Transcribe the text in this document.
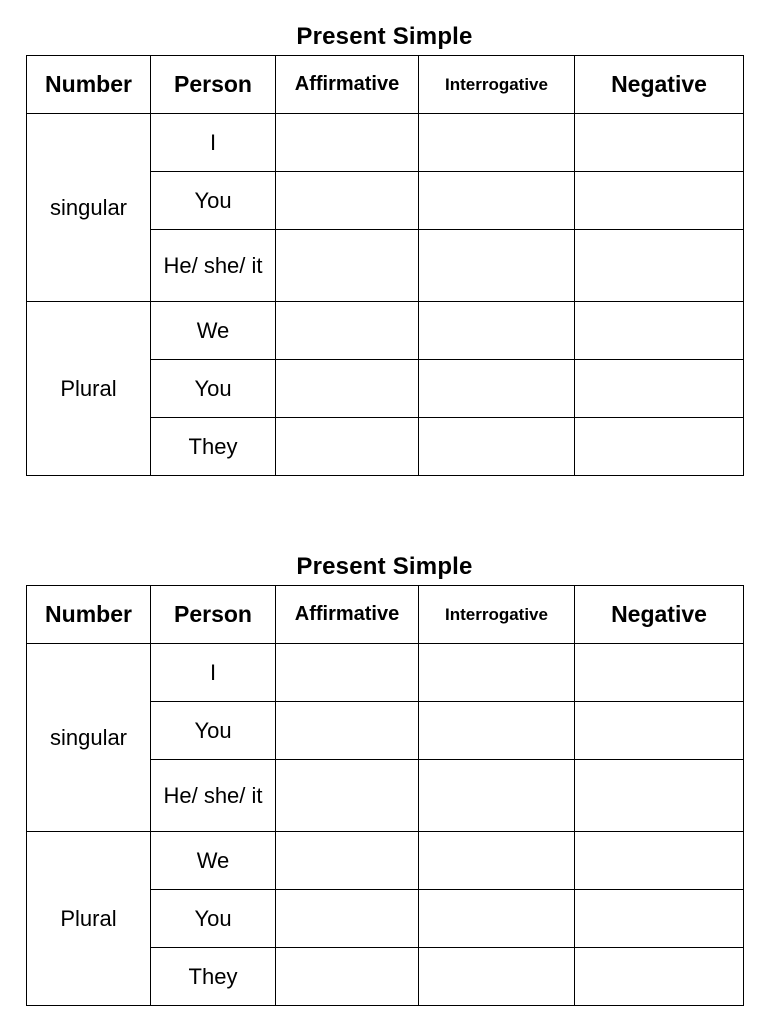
Present Simple
Number	Person	Affirmative	Interrogative	Negative
singular	I			
	You			
	He/ she/ it			
Plural	We			
	You			
	They			
Present Simple
Number	Person	Affirmative	Interrogative	Negative
singular	I			
	You			
	He/ she/ it			
Plural	We			
	You			
	They			
